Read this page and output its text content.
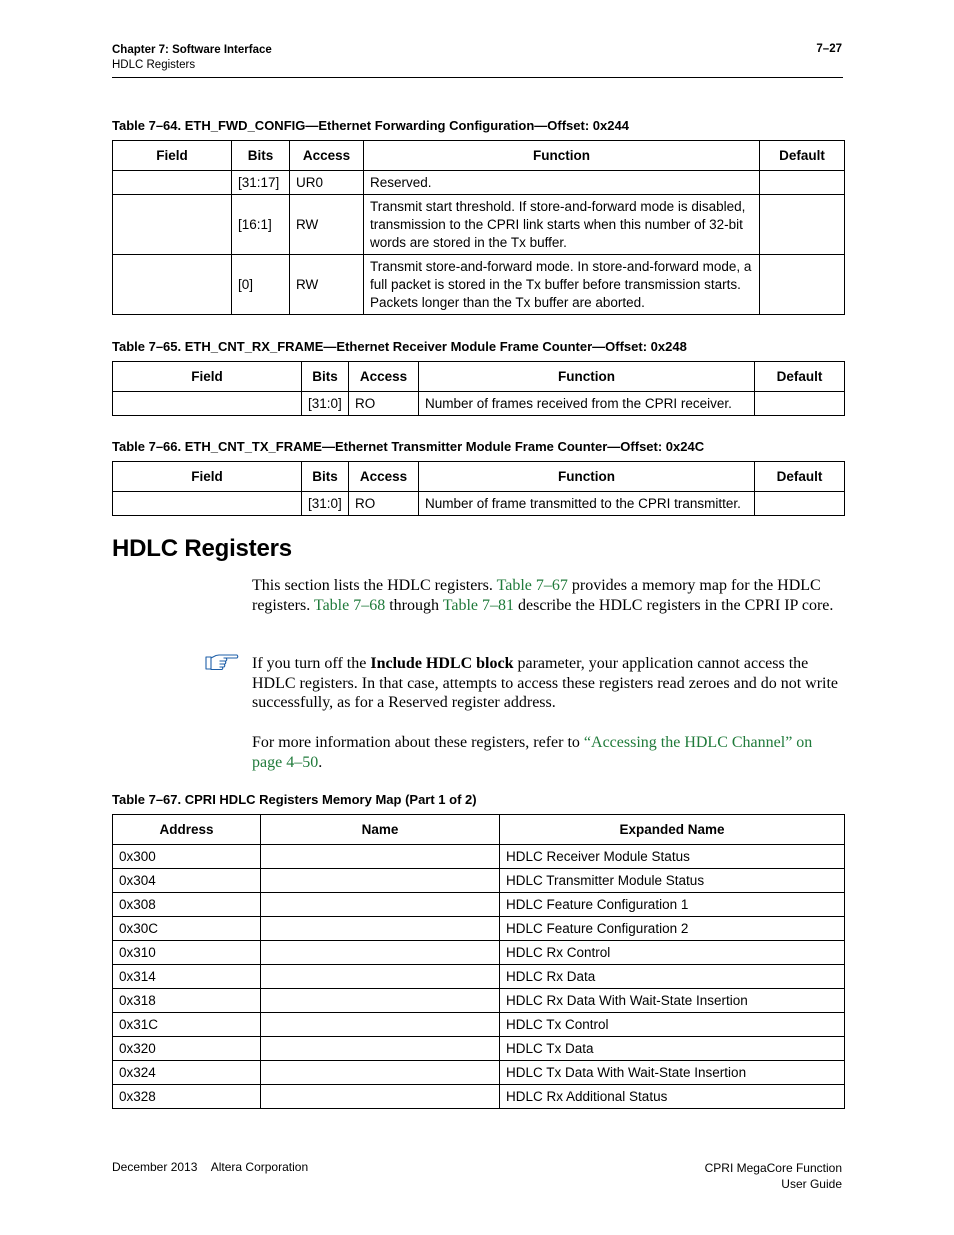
Chapter 7: Software Interface
HDLC Registers
7–27
Table 7–64. ETH_FWD_CONFIG—Ethernet Forwarding Configuration—Offset: 0x244
Field	Bits	Access	Function	Default
	[31:17]	UR0	Reserved.	
	[16:1]	RW	Transmit start threshold. If store-and-forward mode is disabled, transmission to the CPRI link starts when this number of 32-bit words are stored in the Tx buffer.	
	[0]	RW	Transmit store-and-forward mode. In store-and-forward mode, a full packet is stored in the Tx buffer before transmission starts. Packets longer than the Tx buffer are aborted.	
Table 7–65. ETH_CNT_RX_FRAME—Ethernet Receiver Module Frame Counter—Offset: 0x248
Field	Bits	Access	Function	Default
	[31:0]	RO	Number of frames received from the CPRI receiver.	
Table 7–66. ETH_CNT_TX_FRAME—Ethernet Transmitter Module Frame Counter—Offset: 0x24C
Field	Bits	Access	Function	Default
	[31:0]	RO	Number of frame transmitted to the CPRI transmitter.	
HDLC Registers
This section lists the HDLC registers. Table 7–67 provides a memory map for the HDLC registers. Table 7–68 through Table 7–81 describe the HDLC registers in the CPRI IP core.
If you turn off the Include HDLC block parameter, your application cannot access the HDLC registers. In that case, attempts to access these registers read zeroes and do not write successfully, as for a Reserved register address.
For more information about these registers, refer to “Accessing the HDLC Channel” on page 4–50.
Table 7–67. CPRI HDLC Registers Memory Map (Part 1 of 2)
Address	Name	Expanded Name
0x300		HDLC Receiver Module Status
0x304		HDLC Transmitter Module Status
0x308		HDLC Feature Configuration 1
0x30C		HDLC Feature Configuration 2
0x310		HDLC Rx Control
0x314		HDLC Rx Data
0x318		HDLC Rx Data With Wait-State Insertion
0x31C		HDLC Tx Control
0x320		HDLC Tx Data
0x324		HDLC Tx Data With Wait-State Insertion
0x328		HDLC Rx Additional Status
December 2013 Altera Corporation	CPRI MegaCore Function
User Guide
